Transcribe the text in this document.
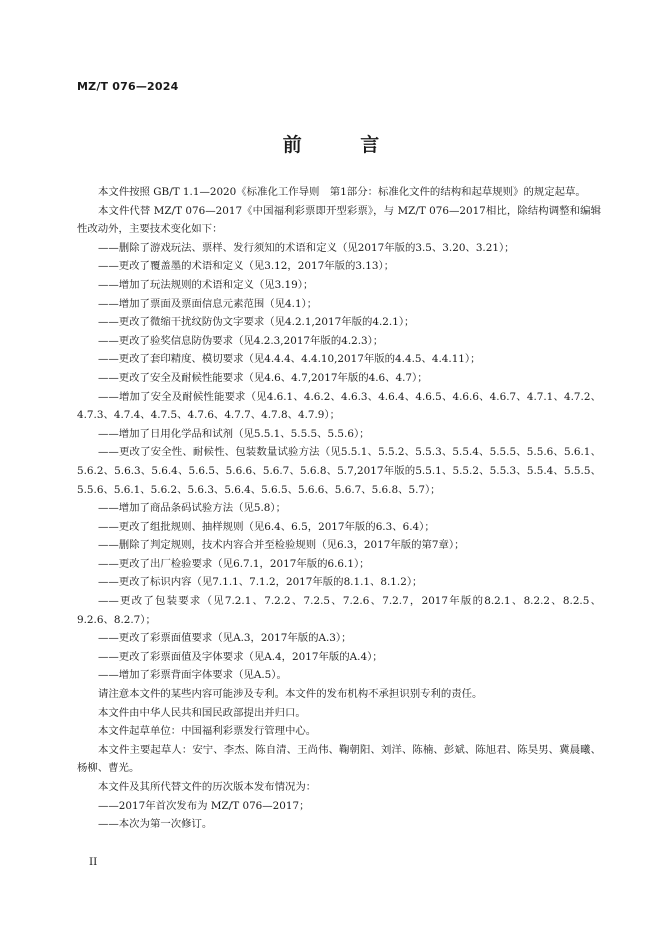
MZ/T 076—2024
前 言

本文件按照 GB/T 1.1—2020《标准化工作导则　第1部分：标准化文件的结构和起草规则》的规定起草。

本文件代替 MZ/T 076—2017《中国福利彩票即开型彩票》，与 MZ/T 076—2017相比，除结构调整和编辑性改动外，主要技术变化如下：

——删除了游戏玩法、票样、发行须知的术语和定义（见2017年版的3.5、3.20、3.21）；

——更改了覆盖墨的术语和定义（见3.12，2017年版的3.13）；

——增加了玩法规则的术语和定义（见3.19）；

——增加了票面及票面信息元素范围（见4.1）；

——更改了微缩干扰纹防伪文字要求（见4.2.1,2017年版的4.2.1）；

——更改了验奖信息防伪要求（见4.2.3,2017年版的4.2.3）；

——更改了套印精度、模切要求（见4.4.4、4.4.10,2017年版的4.4.5、4.4.11）；

——更改了安全及耐候性能要求（见4.6、4.7,2017年版的4.6、4.7）；

——增加了安全及耐候性能要求（见4.6.1、4.6.2、4.6.3、4.6.4、4.6.5、4.6.6、4.6.7、4.7.1、4.7.2、4.7.3、4.7.4、4.7.5、4.7.6、4.7.7、4.7.8、4.7.9）；

——增加了日用化学品和试剂（见5.5.1、5.5.5、5.5.6）；

——更改了安全性、耐候性、包装数量试验方法（见5.5.1、5.5.2、5.5.3、5.5.4、5.5.5、5.5.6、5.6.1、5.6.2、5.6.3、5.6.4、5.6.5、5.6.6、5.6.7、5.6.8、5.7,2017年版的5.5.1、5.5.2、5.5.3、5.5.4、5.5.5、5.5.6、5.6.1、5.6.2、5.6.3、5.6.4、5.6.5、5.6.6、5.6.7、5.6.8、5.7）；

——增加了商品条码试验方法（见5.8）；

——更改了组批规则、抽样规则（见6.4、6.5，2017年版的6.3、6.4）；

——删除了判定规则，技术内容合并至检验规则（见6.3，2017年版的第7章）；

——更改了出厂检验要求（见6.7.1，2017年版的6.6.1）；

——更改了标识内容（见7.1.1、7.1.2，2017年版的8.1.1、8.1.2）；

——更改了包装要求（见7.2.1、7.2.2、7.2.5、7.2.6、7.2.7，2017年版的8.2.1、8.2.2、8.2.5、9.2.6、8.2.7）；

——更改了彩票面值要求（见A.3，2017年版的A.3）；

——更改了彩票面值及字体要求（见A.4，2017年版的A.4）；

——增加了彩票背面字体要求（见A.5）。

请注意本文件的某些内容可能涉及专利。本文件的发布机构不承担识别专利的责任。

本文件由中华人民共和国民政部提出并归口。

本文件起草单位：中国福利彩票发行管理中心。

本文件主要起草人：安宁、李杰、陈自清、王尚伟、鞠朝阳、刘洋、陈楠、彭斌、陈旭君、陈昊男、冀晨曦、杨柳、曹光。

本文件及其所代替文件的历次版本发布情况为：

——2017年首次发布为 MZ/T 076—2017；

——本次为第一次修订。

II
